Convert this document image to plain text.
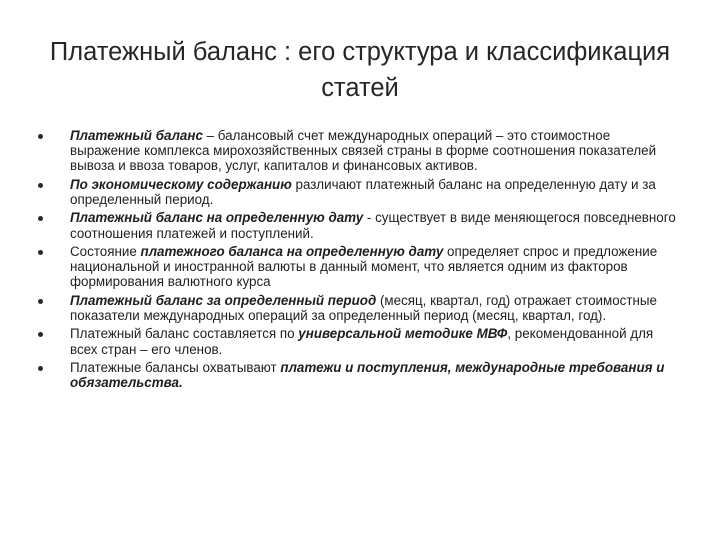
Платежный баланс : его структура и классификация
статей
Платежный баланс – балансовый счет международных операций – это стоимостное выражение комплекса мирохозяйственных связей страны в форме соотношения показателей вывоза и ввоза товаров, услуг, капиталов и финансовых активов.
По экономическому содержанию различают платежный баланс на определенную дату и за определенный период.
Платежный баланс на определенную дату - существует в виде меняющегося повседневного соотношения платежей и поступлений.
Состояние платежного баланса на определенную дату определяет спрос и предложение национальной и иностранной валюты в данный момент, что является одним из факторов формирования валютного курса
Платежный баланс за определенный период (месяц, квартал, год) отражает стоимостные показатели международных операций за определенный период (месяц, квартал, год).
Платежный баланс составляется по универсальной методике МВФ, рекомендованной для всех стран – его членов.
Платежные балансы охватывают платежи и поступления, международные требования и обязательства.
